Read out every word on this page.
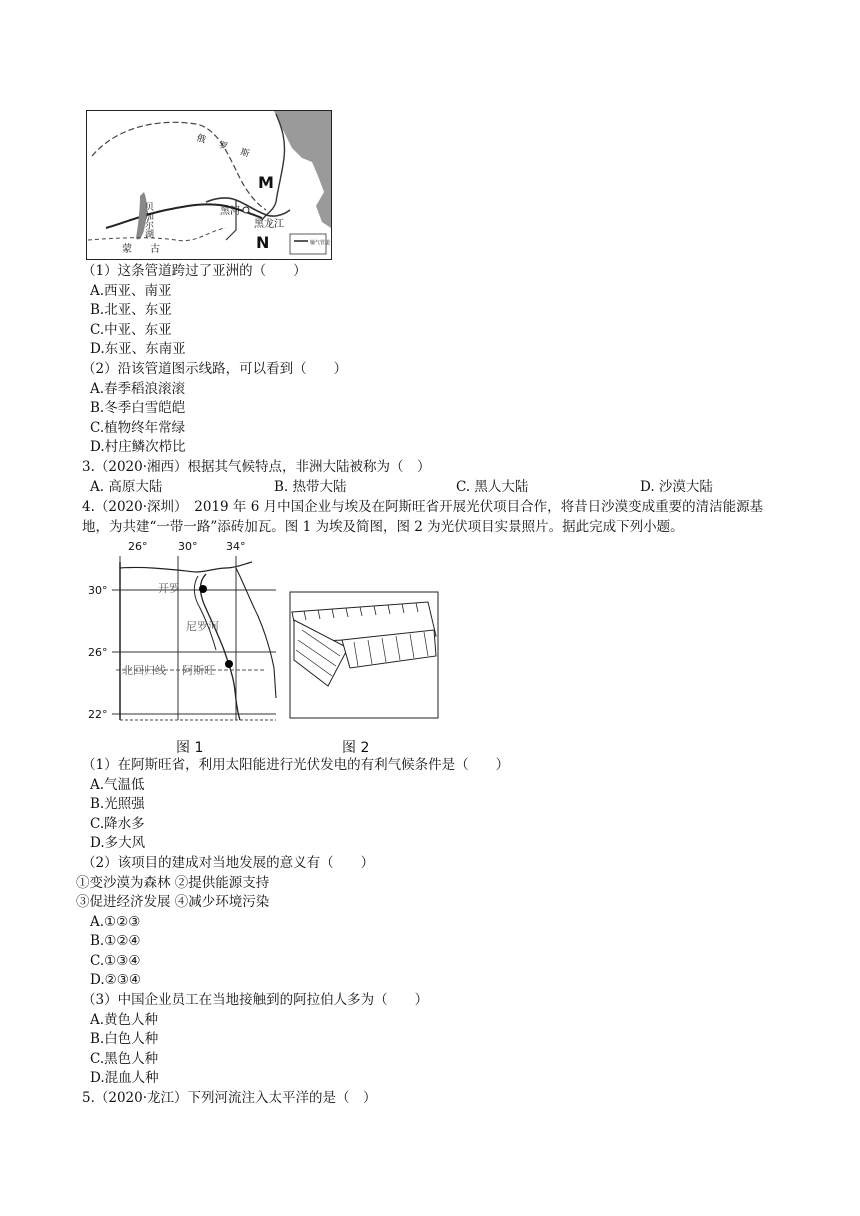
M
N
黑河
黑龙江
贝加尔湖
蒙古
输气管道
俄罗斯
（1）这条管道跨过了亚洲的（　　）
A.西亚、南亚
B.北亚、东亚
C.中亚、东亚
D.东亚、东南亚
（2）沿该管道图示线路，可以看到（　　）
A.春季稻浪滚滚
B.冬季白雪皑皑
C.植物终年常绿
D.村庄鳞次栉比
3.（2020·湘西）根据其气候特点，非洲大陆被称为（　）
A. 高原大陆	B. 热带大陆	C. 黑人大陆	D. 沙漠大陆
4.（2020·深圳）　2019 年 6 月中国企业与埃及在阿斯旺省开展光伏项目合作，将昔日沙漠变成重要的清洁能源基地，为共建“一带一路”添砖加瓦。图 1 为埃及简图，图 2 为光伏项目实景照片。据此完成下列小题。
26°	30°	34°
30°
26°
22°
开罗
尼罗河
北回归线 阿斯旺
图 1	图 2
（1）在阿斯旺省，利用太阳能进行光伏发电的有利气候条件是（　　）
A.气温低
B.光照强
C.降水多
D.多大风
（2）该项目的建成对当地发展的意义有（　　）
①变沙漠为森林 ②提供能源支持
③促进经济发展 ④减少环境污染
A.①②③
B.①②④
C.①③④
D.②③④
（3）中国企业员工在当地接触到的阿拉伯人多为（　　）
A.黄色人种
B.白色人种
C.黑色人种
D.混血人种
5.（2020·龙江）下列河流注入太平洋的是（　）
